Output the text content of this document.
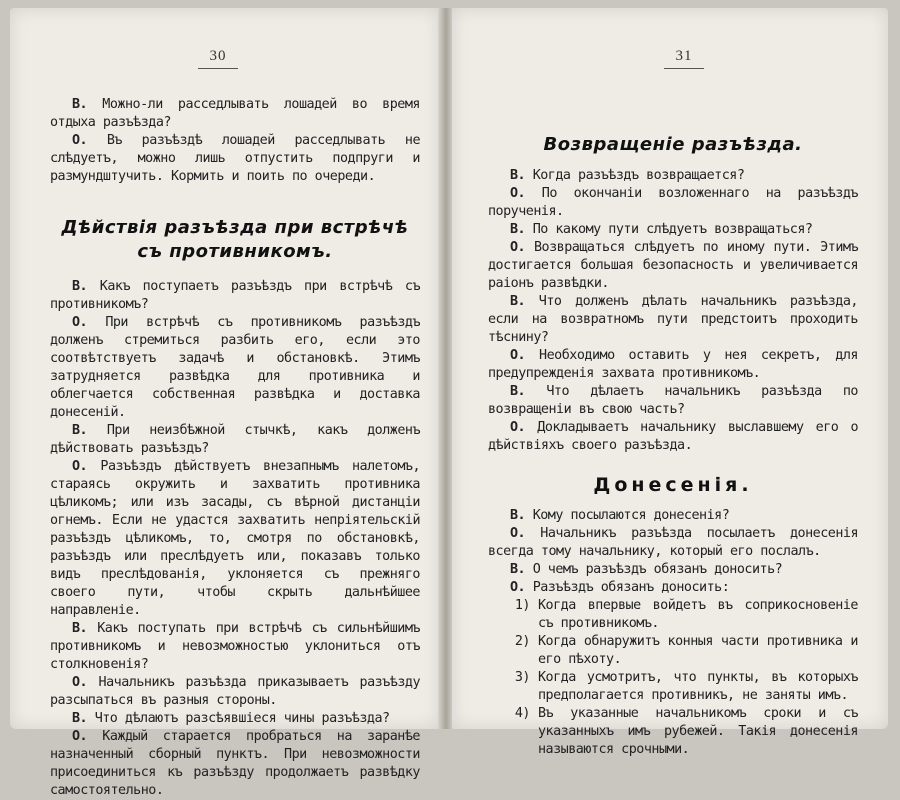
30

В. Можно-ли расседлывать лошадей во время отдыха разъѣзда?

О. Въ разъѣздѣ лошадей расседлывать не слѣдуетъ, можно лишь отпустить подпруги и размундштучить. Кормить и поить по очереди.

Дѣйствія разъѣзда при встрѣчѣ съ противникомъ.

В. Какъ поступаетъ разъѣздъ при встрѣчѣ съ противникомъ?

О. При встрѣчѣ съ противникомъ разъѣздъ долженъ стремиться разбить его, если это соотвѣтствуетъ задачѣ и обстановкѣ. Этимъ затрудняется развѣдка для противника и облегчается собственная развѣдка и доставка донесеній.

В. При неизбѣжной стычкѣ, какъ долженъ дѣйствовать разъѣздъ?

О. Разъѣздъ дѣйствуетъ внезапнымъ налетомъ, стараясь окружить и захватить противника цѣликомъ; или изъ засады, съ вѣрной дистанціи огнемъ. Если не удастся захватить непріятельскій разъѣздъ цѣликомъ, то, смотря по обстановкѣ, разъѣздъ или преслѣдуетъ или, показавъ только видъ преслѣдованія, уклоняется съ прежняго своего пути, чтобы скрыть дальнѣйшее направленіе.

В. Какъ поступать при встрѣчѣ съ сильнѣйшимъ противникомъ и невозможностью уклониться отъ столкновенія?

О. Начальникъ разъѣзда приказываетъ разъѣзду разсыпаться въ разныя стороны.

В. Что дѣлаютъ разсѣявшіеся чины разъѣзда?

О. Каждый старается пробраться на заранѣе назначенный сборный пунктъ. При невозможности присоединиться къ разъѣзду продолжаетъ развѣдку самостоятельно.

31
Возвращеніе разъѣзда.

В. Когда разъѣздъ возвращается?

О. По окончаніи возложеннаго на разъѣздъ порученія.

В. По какому пути слѣдуетъ возвращаться?

О. Возвращаться слѣдуетъ по иному пути. Этимъ достигается большая безопасность и увеличивается раіонъ развѣдки.

В. Что долженъ дѣлать начальникъ разъѣзда, если на возвратномъ пути предстоитъ проходить тѣснину?

О. Необходимо оставить у нея секретъ, для предупрежденія захвата противникомъ.

В. Что дѣлаетъ начальникъ разъѣзда по возвращеніи въ свою часть?

О. Докладываетъ начальнику выславшему его о дѣйствіяхъ своего разъѣзда.

Донесенія.

В. Кому посылаются донесенія?

О. Начальникъ разъѣзда посылаетъ донесенія всегда тому начальнику, который его послалъ.

В. О чемъ разъѣздъ обязанъ доносить?

О. Разъѣздъ обязанъ доносить:

1) Когда впервые войдетъ въ соприкосновеніе съ противникомъ.
2) Когда обнаружитъ конныя части противника и его пѣхоту.
3) Когда усмотритъ, что пункты, въ которыхъ предполагается противникъ, не заняты имъ.
4) Въ указанные начальникомъ сроки и съ указанныхъ имъ рубежей. Такія донесенія называются срочными.
